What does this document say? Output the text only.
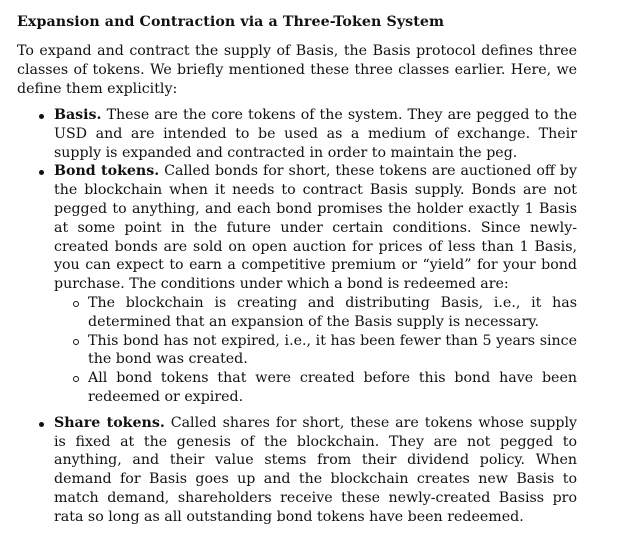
Expansion and Contraction via a Three-Token System

To expand and contract the supply of Basis, the Basis protocol defines three classes of tokens. We briefly mentioned these three classes earlier. Here, we define them explicitly:

Basis. These are the core tokens of the system. They are pegged to the USD and are intended to be used as a medium of exchange. Their supply is expanded and contracted in order to maintain the peg.
Bond tokens. Called bonds for short, these tokens are auctioned off by the blockchain when it needs to contract Basis supply. Bonds are not pegged to anything, and each bond promises the holder exactly 1 Basis at some point in the future under certain conditions. Since newly-created bonds are sold on open auction for prices of less than 1 Basis, you can expect to earn a competitive premium or “yield” for your bond purchase. The conditions under which a bond is redeemed are:
The blockchain is creating and distributing Basis, i.e., it has determined that an expansion of the Basis supply is necessary.
This bond has not expired, i.e., it has been fewer than 5 years since the bond was created.
All bond tokens that were created before this bond have been redeemed or expired.
Share tokens. Called shares for short, these are tokens whose supply is fixed at the genesis of the blockchain. They are not pegged to anything, and their value stems from their dividend policy. When demand for Basis goes up and the blockchain creates new Basis to match demand, shareholders receive these newly-created Basiss pro rata so long as all outstanding bond tokens have been redeemed.
